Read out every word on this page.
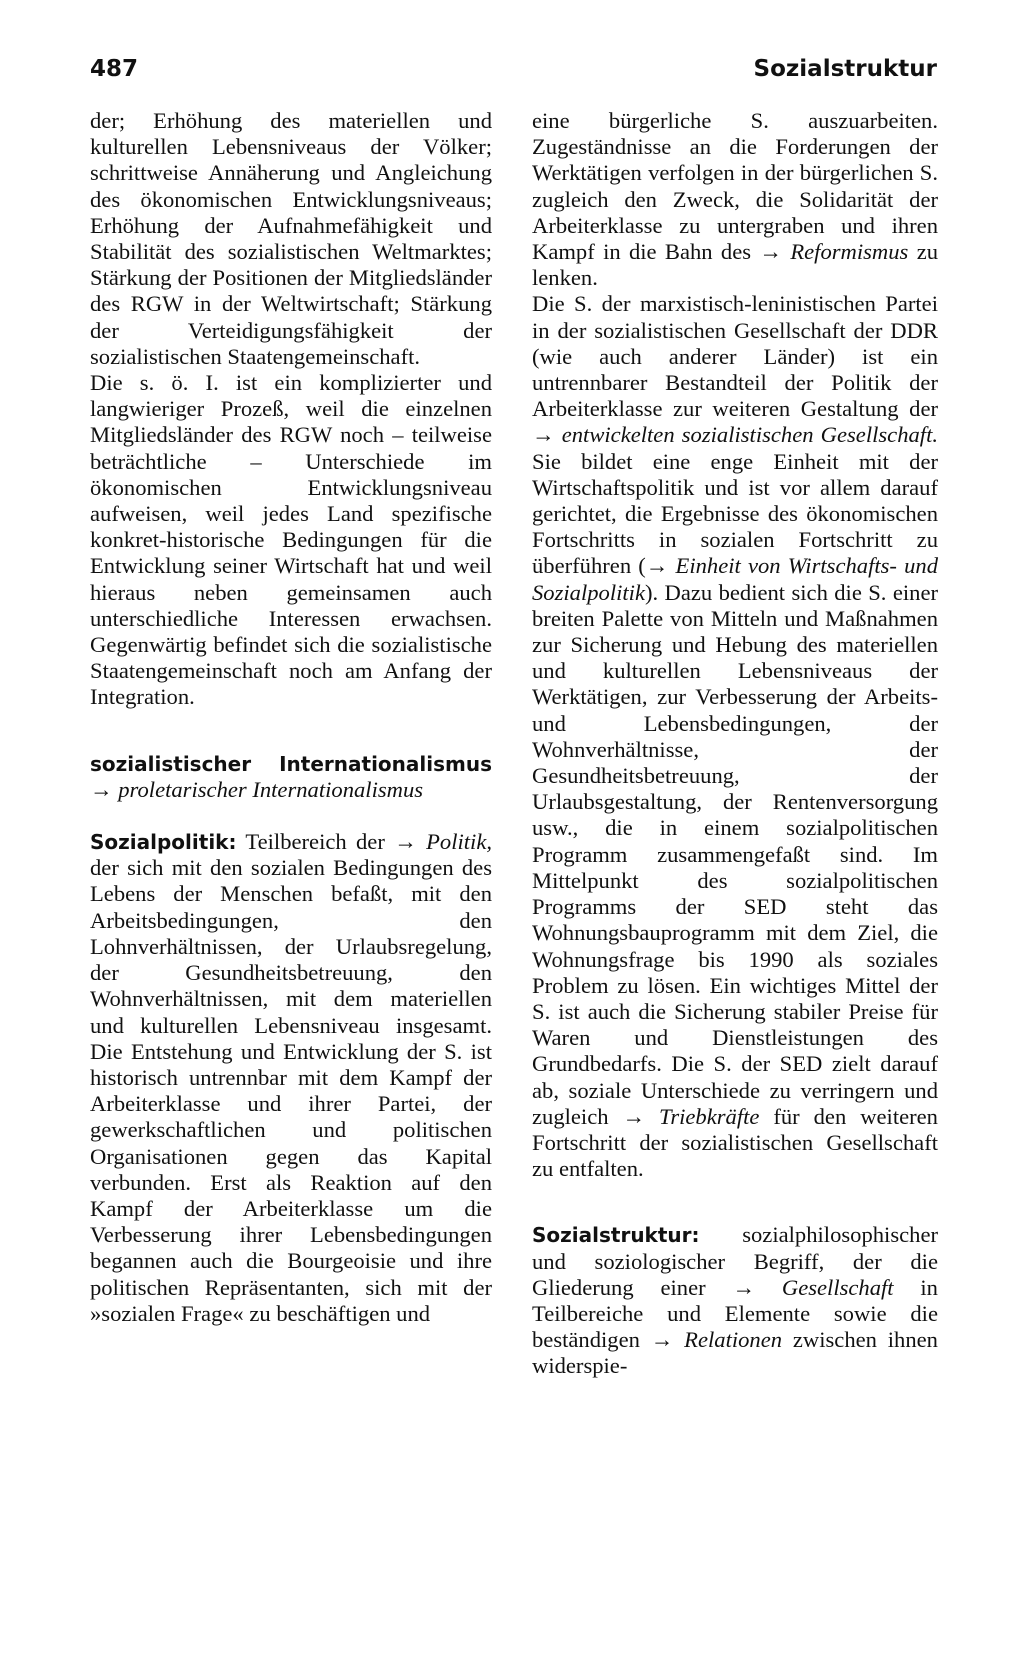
487	Sozialstruktur

der; Erhöhung des materiellen und kulturellen Lebensniveaus der Völker; schrittweise Annäherung und Angleichung des ökonomischen Entwicklungsniveaus; Erhöhung der Aufnahmefähigkeit und Stabilität des sozialistischen Weltmarktes; Stärkung der Positionen der Mitgliedsländer des RGW in der Weltwirtschaft; Stärkung der Verteidigungsfähigkeit der sozialistischen Staatengemeinschaft.

Die s. ö. I. ist ein komplizierter und langwieriger Prozeß, weil die einzelnen Mitgliedsländer des RGW noch – teilweise beträchtliche – Unterschiede im ökonomischen Entwicklungsniveau aufweisen, weil jedes Land spezifische konkret-historische Bedingungen für die Entwicklung seiner Wirtschaft hat und weil hieraus neben gemeinsamen auch unterschiedliche Interessen erwachsen. Gegenwärtig befindet sich die sozialistische Staatengemeinschaft noch am Anfang der Integration.

sozialistischer Internationalismus → proletarischer Internationalismus

Sozialpolitik: Teilbereich der → Politik, der sich mit den sozialen Bedingungen des Lebens der Menschen befaßt, mit den Arbeitsbedingungen, den Lohnverhältnissen, der Urlaubsregelung, der Gesundheitsbetreuung, den Wohnverhältnissen, mit dem materiellen und kulturellen Lebensniveau insgesamt. Die Entstehung und Entwicklung der S. ist historisch untrennbar mit dem Kampf der Arbeiterklasse und ihrer Partei, der gewerkschaftlichen und politischen Organisationen gegen das Kapital verbunden. Erst als Reaktion auf den Kampf der Arbeiterklasse um die Verbesserung ihrer Lebensbedingungen begannen auch die Bourgeoisie und ihre politischen Repräsentanten, sich mit der »sozialen Frage« zu beschäftigen und

eine bürgerliche S. auszuarbeiten. Zugeständnisse an die Forderungen der Werktätigen verfolgen in der bürgerlichen S. zugleich den Zweck, die Solidarität der Arbeiterklasse zu untergraben und ihren Kampf in die Bahn des → Reformismus zu lenken.

Die S. der marxistisch-leninistischen Partei in der sozialistischen Gesellschaft der DDR (wie auch anderer Länder) ist ein untrennbarer Bestandteil der Politik der Arbeiterklasse zur weiteren Gestaltung der → entwickelten sozialistischen Gesellschaft. Sie bildet eine enge Einheit mit der Wirtschaftspolitik und ist vor allem darauf gerichtet, die Ergebnisse des ökonomischen Fortschritts in sozialen Fortschritt zu überführen (→ Einheit von Wirtschafts- und Sozialpolitik). Dazu bedient sich die S. einer breiten Palette von Mitteln und Maßnahmen zur Sicherung und Hebung des materiellen und kulturellen Lebensniveaus der Werktätigen, zur Verbesserung der Arbeits- und Lebensbedingungen, der Wohnverhältnisse, der Gesundheitsbetreuung, der Urlaubsgestaltung, der Rentenversorgung usw., die in einem sozialpolitischen Programm zusammengefaßt sind. Im Mittelpunkt des sozialpolitischen Programms der SED steht das Wohnungsbauprogramm mit dem Ziel, die Wohnungsfrage bis 1990 als soziales Problem zu lösen. Ein wichtiges Mittel der S. ist auch die Sicherung stabiler Preise für Waren und Dienstleistungen des Grundbedarfs. Die S. der SED zielt darauf ab, soziale Unterschiede zu verringern und zugleich → Triebkräfte für den weiteren Fortschritt der sozialistischen Gesellschaft zu entfalten.

Sozialstruktur: sozialphilosophischer und soziologischer Begriff, der die Gliederung einer → Gesellschaft in Teilbereiche und Elemente sowie die beständigen → Relationen zwischen ihnen widerspie-
